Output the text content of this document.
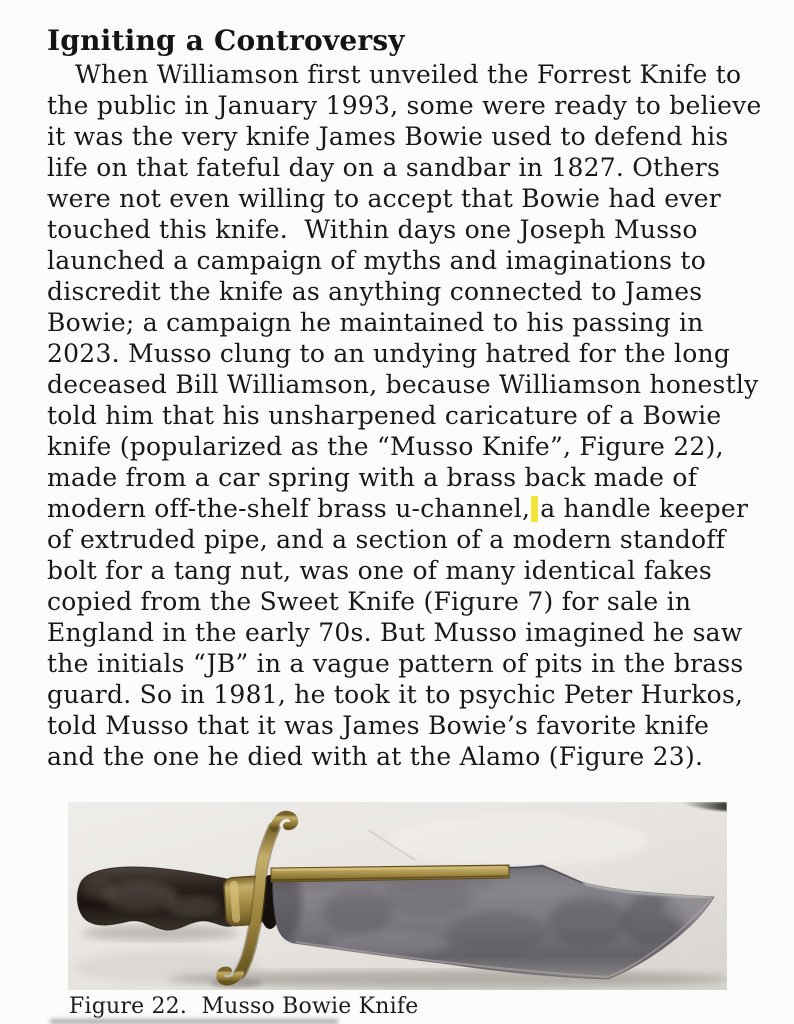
Igniting a Controversy
When Williamson first unveiled the Forrest Knife to
the public in January 1993, some were ready to believe
it was the very knife James Bowie used to defend his
life on that fateful day on a sandbar in 1827. Others
were not even willing to accept that Bowie had ever
touched this knife.  Within days one Joseph Musso
launched a campaign of myths and imaginations to
discredit the knife as anything connected to James
Bowie; a campaign he maintained to his passing in
2023. Musso clung to an undying hatred for the long
deceased Bill Williamson, because Williamson honestly
told him that his unsharpened caricature of a Bowie
knife (popularized as the “Musso Knife”, Figure 22),
made from a car spring with a brass back made of
modern off-the-shelf brass u-channel, a handle keeper
of extruded pipe, and a section of a modern standoff
bolt for a tang nut, was one of many identical fakes
copied from the Sweet Knife (Figure 7) for sale in
England in the early 70s. But Musso imagined he saw
the initials “JB” in a vague pattern of pits in the brass
guard. So in 1981, he took it to psychic Peter Hurkos,
told Musso that it was James Bowie’s favorite knife
and the one he died with at the Alamo (Figure 23).
Figure 22.  Musso Bowie Knife
